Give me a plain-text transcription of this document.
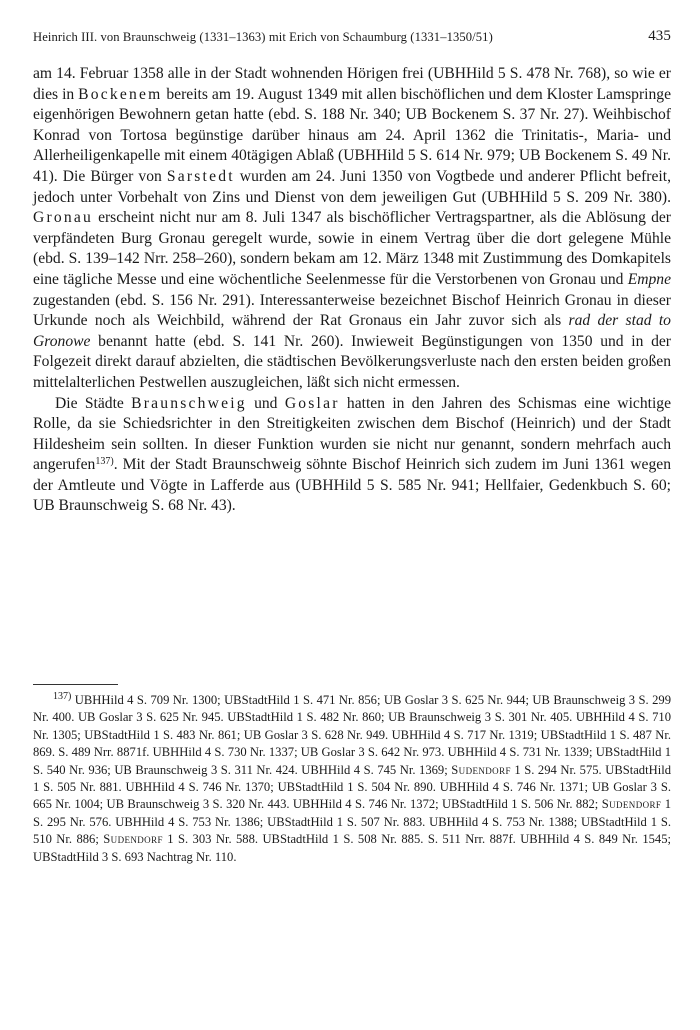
Heinrich III. von Braunschweig (1331–1363) mit Erich von Schaumburg (1331–1350/51)	435

am 14. Februar 1358 alle in der Stadt wohnenden Hörigen frei (UBHHild 5 S. 478 Nr. 768), so wie er dies in Bockenem bereits am 19. August 1349 mit allen bischöflichen und dem Kloster Lamspringe eigenhörigen Bewohnern getan hatte (ebd. S. 188 Nr. 340; UB Bockenem S. 37 Nr. 27). Weihbischof Konrad von Tortosa begünstige darüber hinaus am 24. April 1362 die Trinitatis-, Maria- und Allerheiligenkapelle mit einem 40tägigen Ablaß (UBHHild 5 S. 614 Nr. 979; UB Bockenem S. 49 Nr. 41). Die Bürger von Sarstedt wurden am 24. Juni 1350 von Vogtbede und anderer Pflicht befreit, jedoch unter Vorbehalt von Zins und Dienst von dem jeweiligen Gut (UBHHild 5 S. 209 Nr. 380). Gronau erscheint nicht nur am 8. Juli 1347 als bischöflicher Vertragspartner, als die Ablösung der verpfändeten Burg Gronau geregelt wurde, sowie in einem Vertrag über die dort gelegene Mühle (ebd. S. 139–142 Nrr. 258–260), sondern bekam am 12. März 1348 mit Zustimmung des Domkapitels eine tägliche Messe und eine wöchentliche Seelenmesse für die Verstorbenen von Gronau und Empne zugestanden (ebd. S. 156 Nr. 291). Interessanterweise bezeichnet Bischof Heinrich Gronau in dieser Urkunde noch als Weichbild, während der Rat Gronaus ein Jahr zuvor sich als rad der stad to Gronowe benannt hatte (ebd. S. 141 Nr. 260). Inwieweit Begünstigungen von 1350 und in der Folgezeit direkt darauf abzielten, die städtischen Bevölkerungsverluste nach den ersten beiden großen mittelalterlichen Pestwellen auszugleichen, läßt sich nicht ermessen.

Die Städte Braunschweig und Goslar hatten in den Jahren des Schismas eine wichtige Rolle, da sie Schiedsrichter in den Streitigkeiten zwischen dem Bischof (Heinrich) und der Stadt Hildesheim sein sollten. In dieser Funktion wurden sie nicht nur genannt, sondern mehrfach auch angerufen$^{137)}$. Mit der Stadt Braunschweig söhnte Bischof Heinrich sich zudem im Juni 1361 wegen der Amtleute und Vögte in Lafferde aus (UBHHild 5 S. 585 Nr. 941; Hellfaier, Gedenkbuch S. 60; UB Braunschweig S. 68 Nr. 43).

$^{137)}$ UBHHild 4 S. 709 Nr. 1300; UBStadtHild 1 S. 471 Nr. 856; UB Goslar 3 S. 625 Nr. 944; UB Braunschweig 3 S. 299 Nr. 400. UB Goslar 3 S. 625 Nr. 945. UBStadtHild 1 S. 482 Nr. 860; UB Braunschweig 3 S. 301 Nr. 405. UBHHild 4 S. 710 Nr. 1305; UBStadtHild 1 S. 483 Nr. 861; UB Goslar 3 S. 628 Nr. 949. UBHHild 4 S. 717 Nr. 1319; UBStadtHild 1 S. 487 Nr. 869. S. 489 Nrr. 8871f. UBHHild 4 S. 730 Nr. 1337; UB Goslar 3 S. 642 Nr. 973. UBHHild 4 S. 731 Nr. 1339; UBStadtHild 1 S. 540 Nr. 936; UB Braunschweig 3 S. 311 Nr. 424. UBHHild 4 S. 745 Nr. 1369; Sudendorf 1 S. 294 Nr. 575. UBStadtHild 1 S. 505 Nr. 881. UBHHild 4 S. 746 Nr. 1370; UBStadtHild 1 S. 504 Nr. 890. UBHHild 4 S. 746 Nr. 1371; UB Goslar 3 S. 665 Nr. 1004; UB Braunschweig 3 S. 320 Nr. 443. UBHHild 4 S. 746 Nr. 1372; UBStadtHild 1 S. 506 Nr. 882; Sudendorf 1 S. 295 Nr. 576. UBHHild 4 S. 753 Nr. 1386; UBStadtHild 1 S. 507 Nr. 883. UBHHild 4 S. 753 Nr. 1388; UBStadtHild 1 S. 510 Nr. 886; Sudendorf 1 S. 303 Nr. 588. UBStadtHild 1 S. 508 Nr. 885. S. 511 Nrr. 887f. UBHHild 4 S. 849 Nr. 1545; UBStadtHild 3 S. 693 Nachtrag Nr. 110.
